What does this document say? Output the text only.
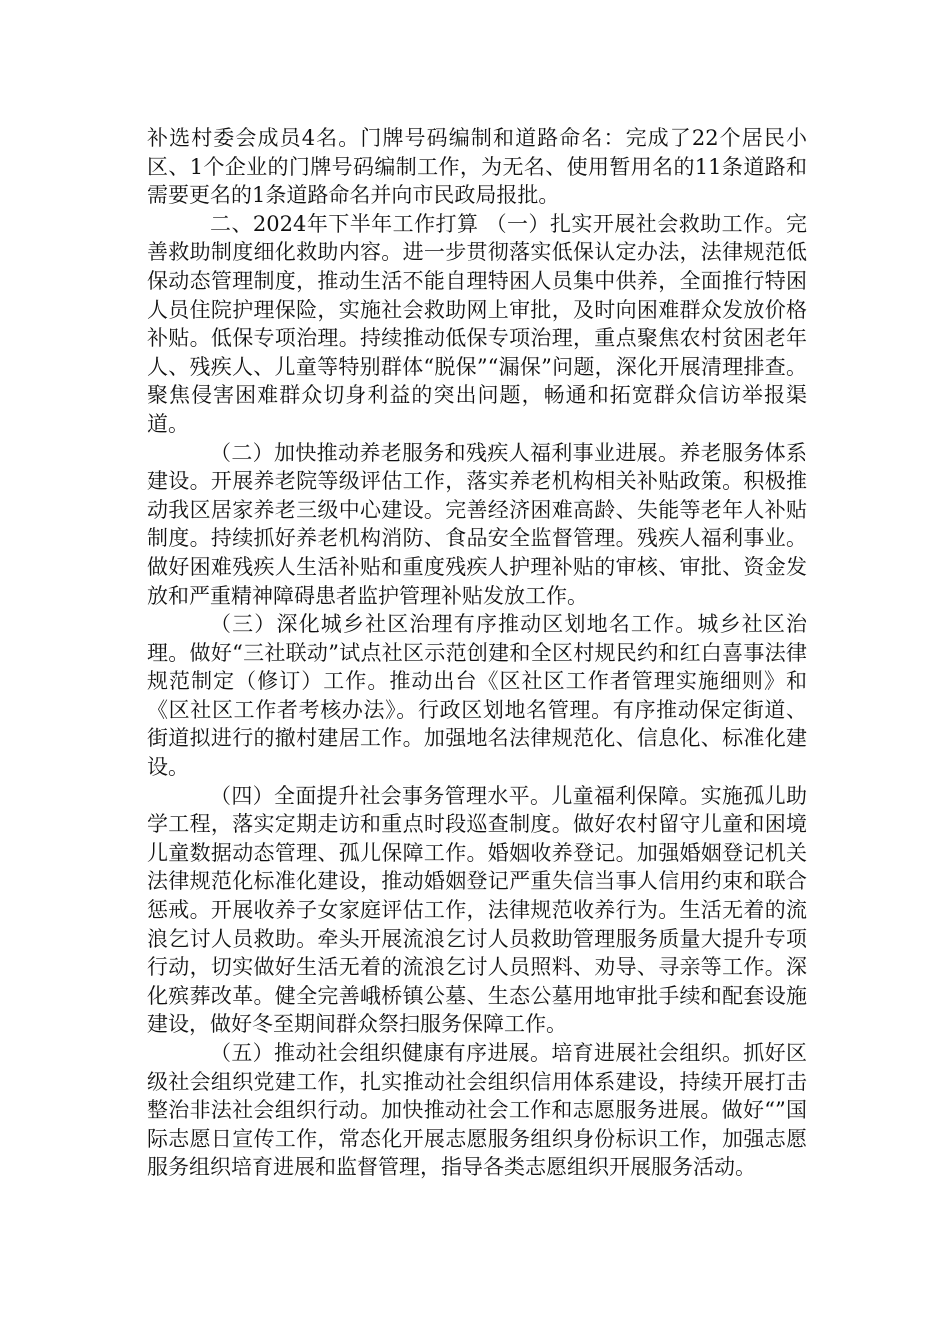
补选村委会成员4名。门牌号码编制和道路命名：完成了22个居民小区、1个企业的门牌号码编制工作，为无名、使用暂用名的11条道路和需要更名的1条道路命名并向市民政局报批。

二、2024年下半年工作打算 （一）扎实开展社会救助工作。完善救助制度细化救助内容。进一步贯彻落实低保认定办法，法律规范低保动态管理制度，推动生活不能自理特困人员集中供养，全面推行特困人员住院护理保险，实施社会救助网上审批，及时向困难群众发放价格补贴。低保专项治理。持续推动低保专项治理，重点聚焦农村贫困老年人、残疾人、儿童等特别群体“脱保”“漏保”问题，深化开展清理排查。聚焦侵害困难群众切身利益的突出问题，畅通和拓宽群众信访举报渠道。

（二）加快推动养老服务和残疾人福利事业进展。养老服务体系建设。开展养老院等级评估工作，落实养老机构相关补贴政策。积极推动我区居家养老三级中心建设。完善经济困难高龄、失能等老年人补贴制度。持续抓好养老机构消防、食品安全监督管理。残疾人福利事业。做好困难残疾人生活补贴和重度残疾人护理补贴的审核、审批、资金发放和严重精神障碍患者监护管理补贴发放工作。

（三）深化城乡社区治理有序推动区划地名工作。城乡社区治理。做好“三社联动”试点社区示范创建和全区村规民约和红白喜事法律规范制定（修订）工作。推动出台《区社区工作者管理实施细则》和《区社区工作者考核办法》。行政区划地名管理。有序推动保定街道、街道拟进行的撤村建居工作。加强地名法律规范化、信息化、标准化建设。

（四）全面提升社会事务管理水平。儿童福利保障。实施孤儿助学工程，落实定期走访和重点时段巡查制度。做好农村留守儿童和困境儿童数据动态管理、孤儿保障工作。婚姻收养登记。加强婚姻登记机关法律规范化标准化建设，推动婚姻登记严重失信当事人信用约束和联合惩戒。开展收养子女家庭评估工作，法律规范收养行为。生活无着的流浪乞讨人员救助。牵头开展流浪乞讨人员救助管理服务质量大提升专项行动，切实做好生活无着的流浪乞讨人员照料、劝导、寻亲等工作。深化殡葬改革。健全完善峨桥镇公墓、生态公墓用地审批手续和配套设施建设，做好冬至期间群众祭扫服务保障工作。

（五）推动社会组织健康有序进展。培育进展社会组织。抓好区级社会组织党建工作，扎实推动社会组织信用体系建设，持续开展打击整治非法社会组织行动。加快推动社会工作和志愿服务进展。做好“”国际志愿日宣传工作，常态化开展志愿服务组织身份标识工作，加强志愿服务组织培育进展和监督管理，指导各类志愿组织开展服务活动。
